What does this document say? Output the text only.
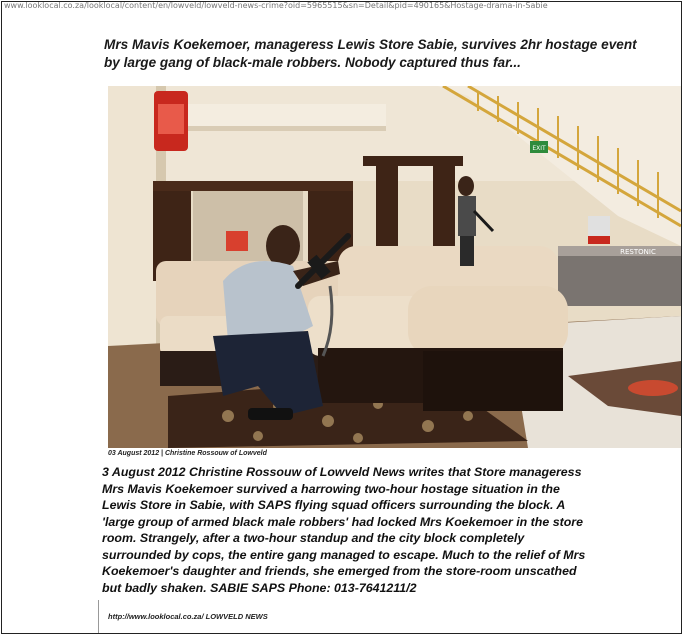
www.looklocal.co.za/looklocal/content/en/lowveld/lowveld-news-crime?oid=5965515&sn=Detail&pid=490165&Hostage-drama-in-Sabie
Mrs Mavis Koekemoer, manageress Lewis Store Sabie, survives 2hr hostage event
by large gang of black-male robbers. Nobody captured thus far...
EXIT
RESTONIC
03 August 2012 | Christine Rossouw of Lowveld
3 August 2012 Christine Rossouw of Lowveld News writes that Store manageress
Mrs Mavis Koekemoer survived a harrowing two-hour hostage situation in the
Lewis Store in Sabie, with SAPS flying squad officers surrounding the block. A
'large group of armed black male robbers' had locked Mrs Koekemoer in the store
room. Strangely, after a two-hour standup and the city block completely
surrounded by cops, the entire gang managed to escape. Much to the relief of Mrs
Koekemoer's daughter and friends, she emerged from the store-room unscathed
but badly shaken. SABIE SAPS Phone: 013-7641211/2
http://www.looklocal.co.za/ LOWVELD NEWS
